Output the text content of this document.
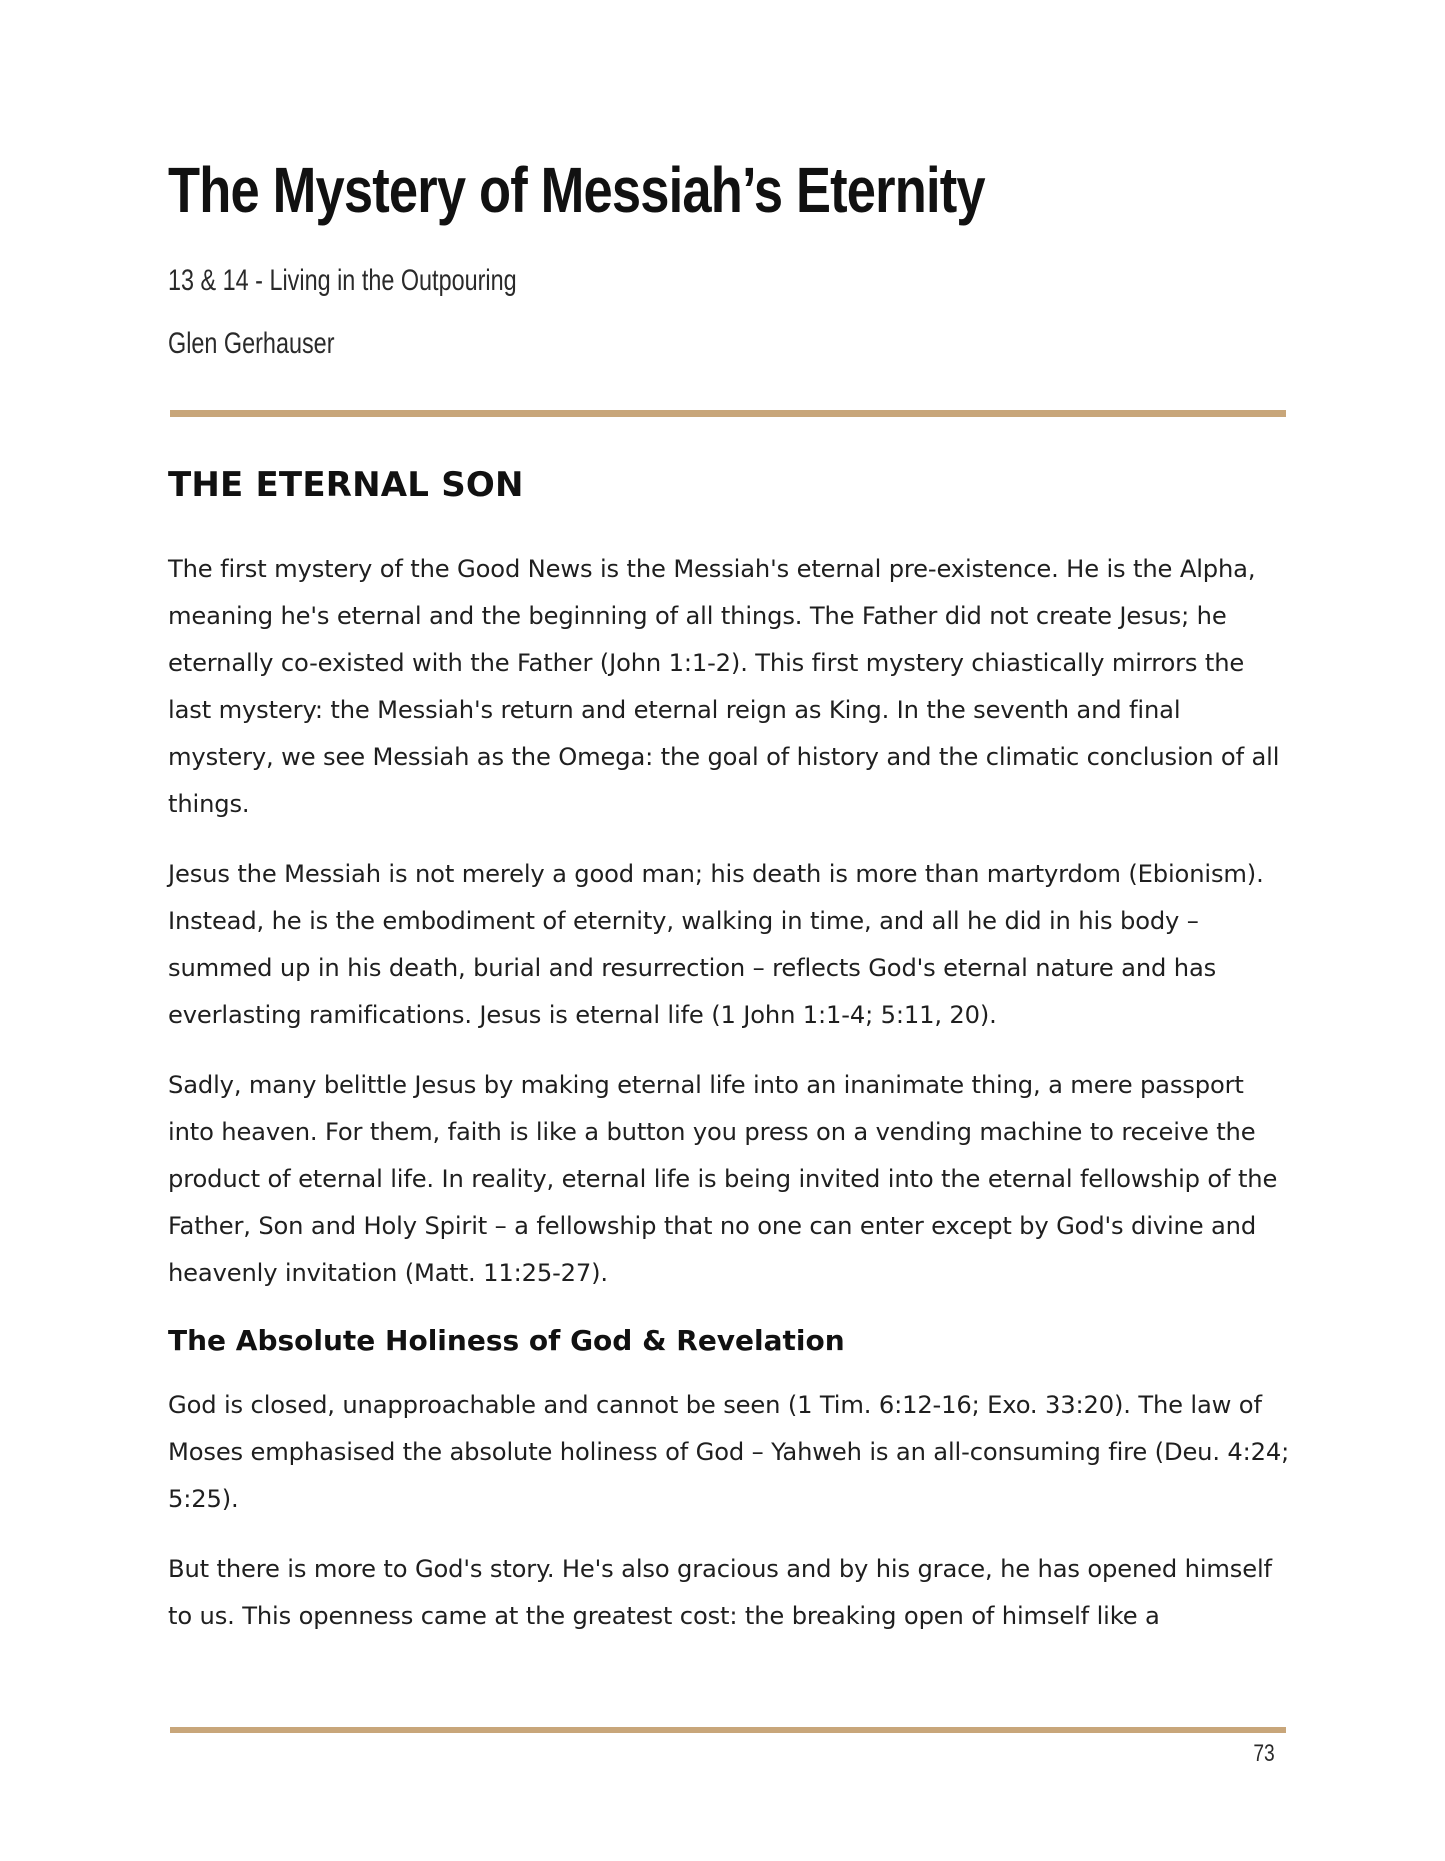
The Mystery of Messiah’s Eternity

13 & 14 - Living in the Outpouring

Glen Gerhauser

THE ETERNAL SON

The first mystery of the Good News is the Messiah's eternal pre-existence. He is the Alpha, meaning he's eternal and the beginning of all things. The Father did not create Jesus; he eternally co-existed with the Father (John 1:1-2). This first mystery chiastically mirrors the last mystery: the Messiah's return and eternal reign as King. In the seventh and final mystery, we see Messiah as the Omega: the goal of history and the climatic conclusion of all things.

Jesus the Messiah is not merely a good man; his death is more than martyrdom (Ebionism). Instead, he is the embodiment of eternity, walking in time, and all he did in his body – summed up in his death, burial and resurrection – reflects God's eternal nature and has everlasting ramifications. Jesus is eternal life (1 John 1:1-4; 5:11, 20).

Sadly, many belittle Jesus by making eternal life into an inanimate thing, a mere passport into heaven. For them, faith is like a button you press on a vending machine to receive the product of eternal life. In reality, eternal life is being invited into the eternal fellowship of the Father, Son and Holy Spirit – a fellowship that no one can enter except by God's divine and heavenly invitation (Matt. 11:25-27).

The Absolute Holiness of God & Revelation

God is closed, unapproachable and cannot be seen (1 Tim. 6:12-16; Exo. 33:20). The law of Moses emphasised the absolute holiness of God – Yahweh is an all-consuming fire (Deu. 4:24; 5:25).

But there is more to God's story. He's also gracious and by his grace, he has opened himself to us. This openness came at the greatest cost: the breaking open of himself like a

73
